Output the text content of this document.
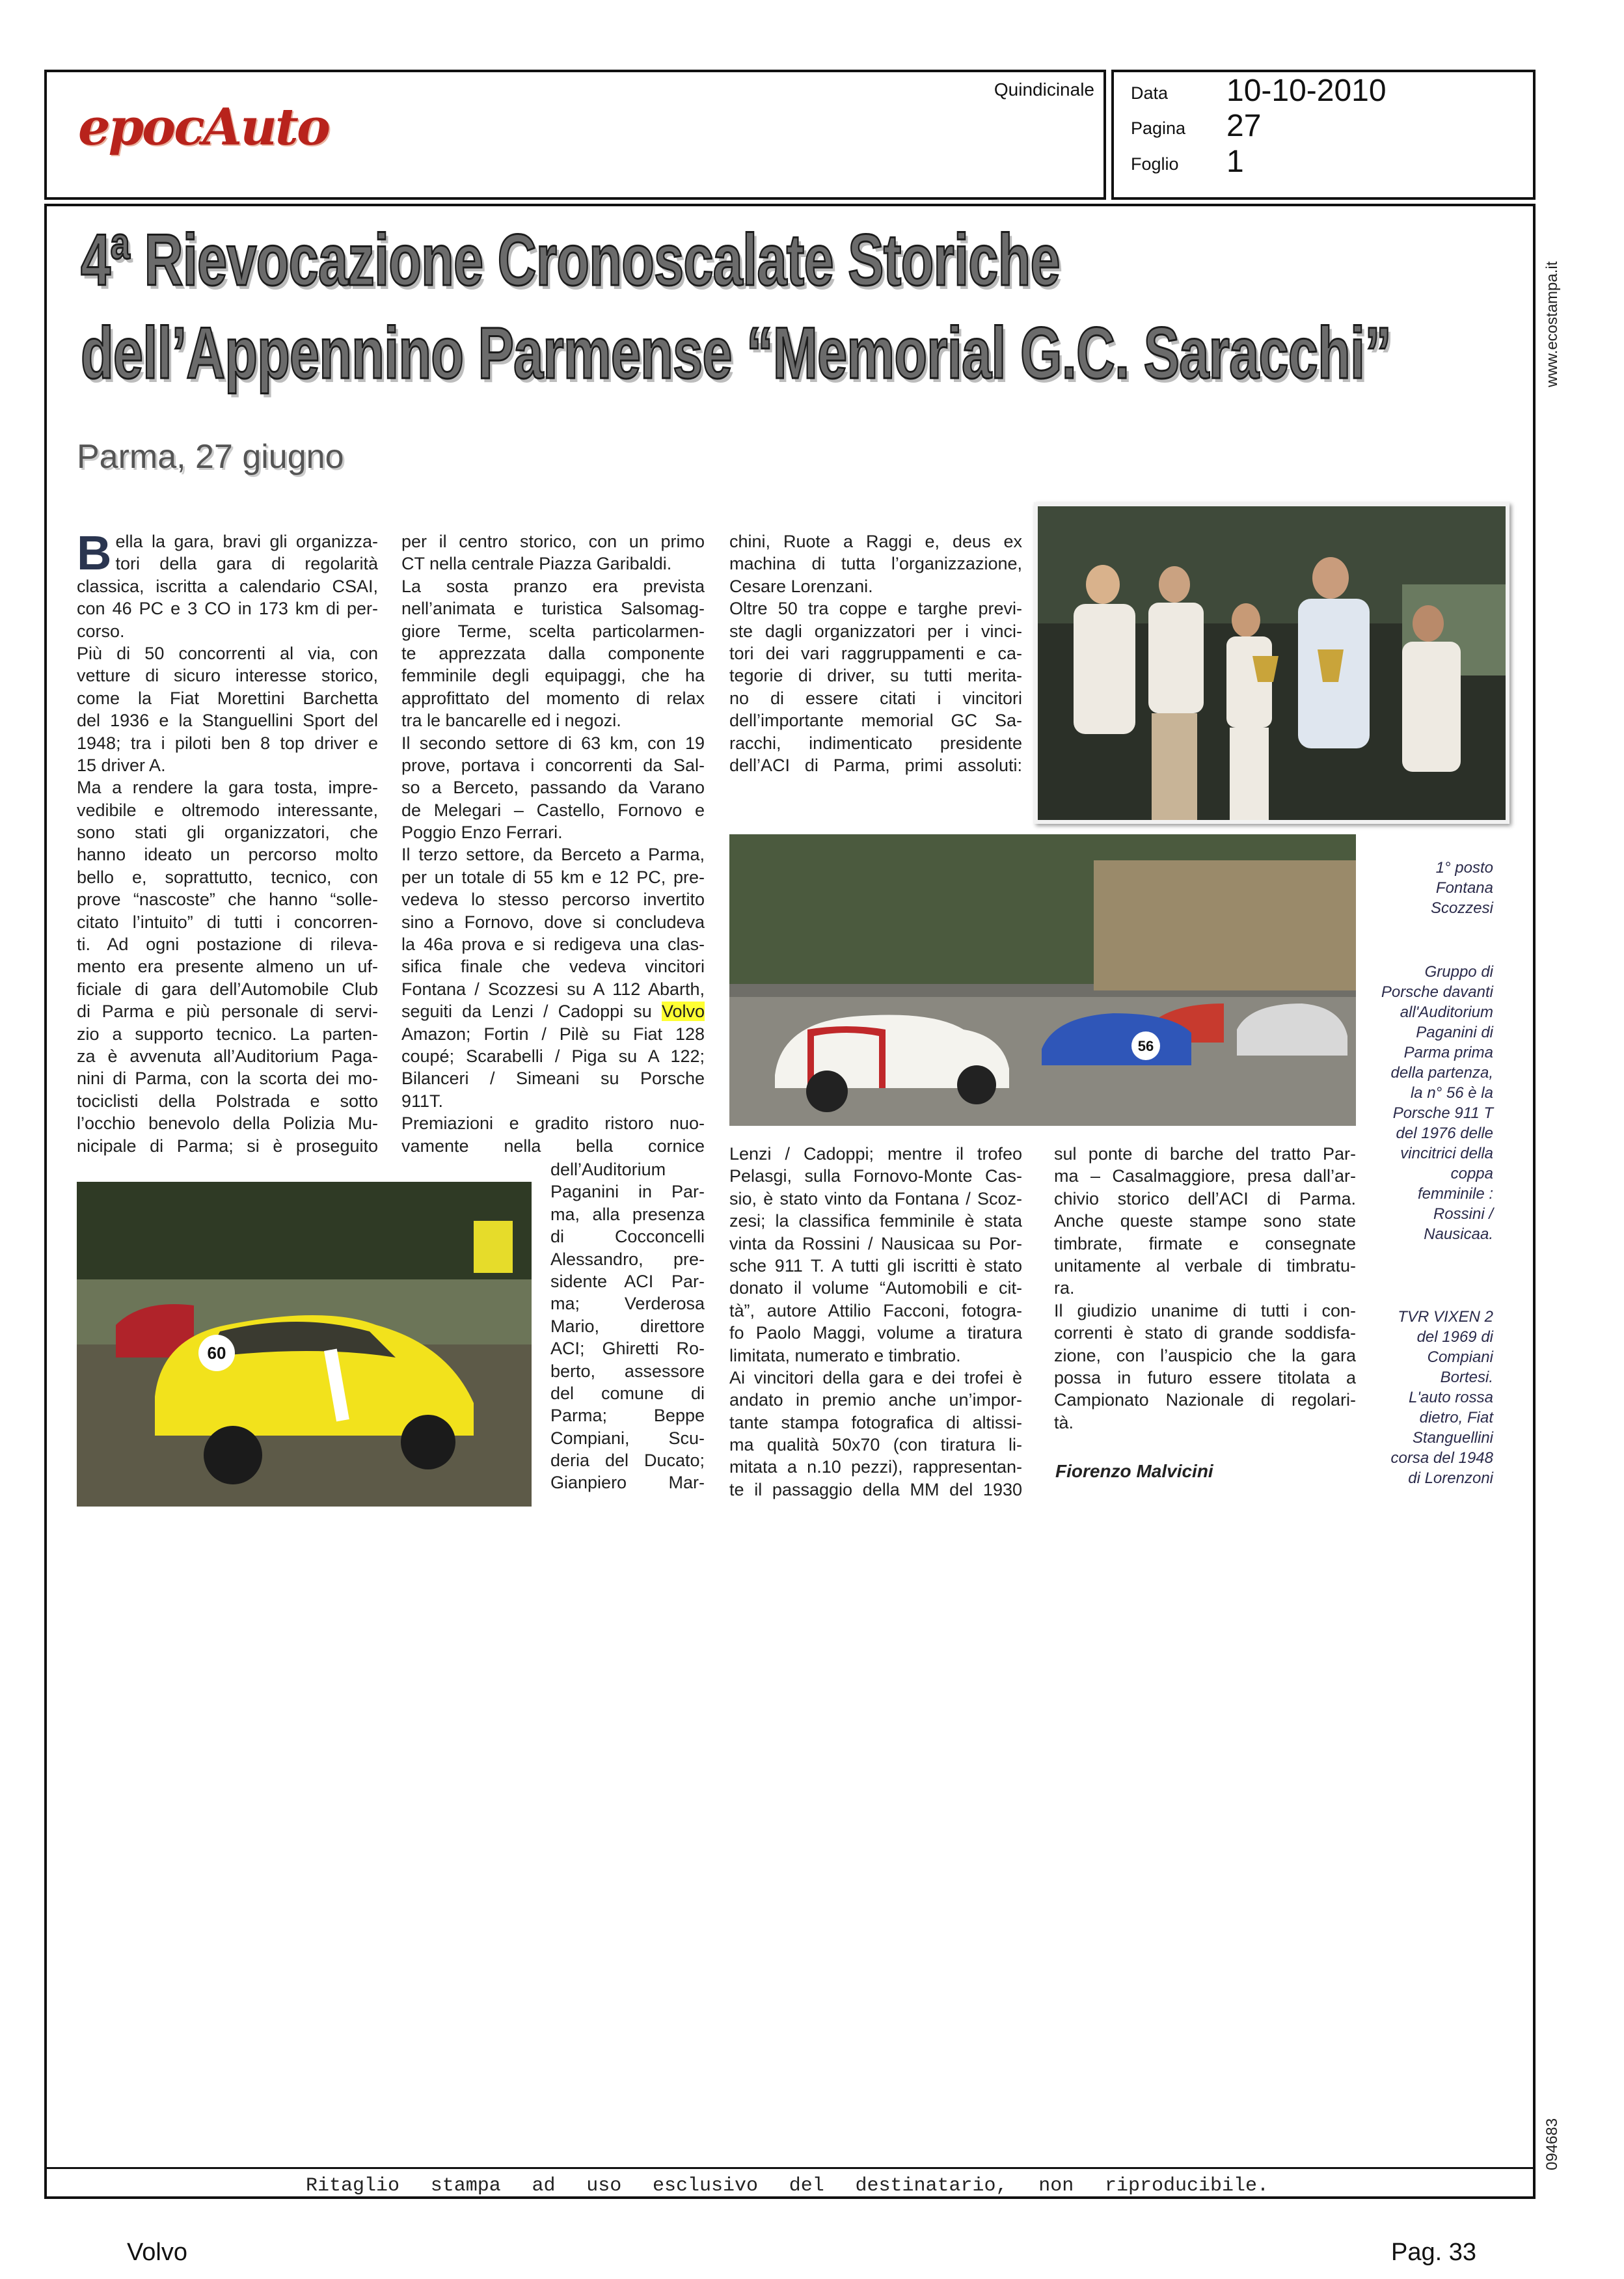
epocAuto
Quindicinale Data 10-10-2010
Pagina 27
Foglio 1
4ª Rievocazione Cronoscalate Storiche
dell’Appennino Parmense “Memorial G.C. Saracchi”
Parma, 27 giugno
B ella la gara, bravi gli organizza-
tori della gara di regolarità
classica, iscritta a calendario CSAI,
con 46 PC e 3 CO in 173 km di per-
corso.
Più di 50 concorrenti al via, con
vetture di sicuro interesse storico,
come la Fiat Morettini Barchetta
del 1936 e la Stanguellini Sport del
1948; tra i piloti ben 8 top driver e
15 driver A.
Ma a rendere la gara tosta, impre-
vedibile e oltremodo interessante,
sono stati gli organizzatori, che
hanno ideato un percorso molto
bello e, soprattutto, tecnico, con
prove “nascoste” che hanno “solle-
citato l’intuito” di tutti i concorren-
ti. Ad ogni postazione di rileva-
mento era presente almeno un uf-
ficiale di gara dell’Automobile Club
di Parma e più personale di servi-
zio a supporto tecnico. La parten-
za è avvenuta all’Auditorium Paga-
nini di Parma, con la scorta dei mo-
tociclisti della Polstrada e sotto
l’occhio benevolo della Polizia Mu-
nicipale di Parma; si è proseguito
per il centro storico, con un primo
CT nella centrale Piazza Garibaldi.
La sosta pranzo era prevista
nell’animata e turistica Salsomag-
giore Terme, scelta particolarmen-
te apprezzata dalla componente
femminile degli equipaggi, che ha
approfittato del momento di relax
tra le bancarelle ed i negozi.
Il secondo settore di 63 km, con 19
prove, portava i concorrenti da Sal-
so a Berceto, passando da Varano
de Melegari – Castello, Fornovo e
Poggio Enzo Ferrari.
Il terzo settore, da Berceto a Parma,
per un totale di 55 km e 12 PC, pre-
vedeva lo stesso percorso invertito
sino a Fornovo, dove si concludeva
la 46a prova e si redigeva una clas-
sifica finale che vedeva vincitori
Fontana / Scozzesi su A 112 Abarth,
seguiti da Lenzi / Cadoppi su Volvo
Amazon; Fortin / Pilè su Fiat 128
coupé; Scarabelli / Piga su A 122;
Bilanceri / Simeani su Porsche
911T.
Premiazioni e gradito ristoro nuo-
vamente nella bella cornice
dell’Auditorium
Paganini in Par-
ma, alla presenza
di Cocconcelli
Alessandro, pre-
sidente ACI Par-
ma; Verderosa
Mario, direttore
ACI; Ghiretti Ro-
berto, assessore
del comune di
Parma; Beppe
Compiani, Scu-
deria del Ducato;
Gianpiero Mar-
chini, Ruote a Raggi e, deus ex
machina di tutta l’organizzazione,
Cesare Lorenzani.
Oltre 50 tra coppe e targhe previ-
ste dagli organizzatori per i vinci-
tori dei vari raggruppamenti e ca-
tegorie di driver, su tutti merita-
no di essere citati i vincitori
dell’importante memorial GC Sa-
racchi, indimenticato presidente
dell’ACI di Parma, primi assoluti:
Lenzi / Cadoppi; mentre il trofeo
Pelasgi, sulla Fornovo-Monte Cas-
sio, è stato vinto da Fontana / Scoz-
zesi; la classifica femminile è stata
vinta da Rossini / Nausicaa su Por-
sche 911 T. A tutti gli iscritti è stato
donato il volume “Automobili e cit-
tà”, autore Attilio Facconi, fotogra-
fo Paolo Maggi, volume a tiratura
limitata, numerato e timbratio.
Ai vincitori della gara e dei trofei è
andato in premio anche un’impor-
tante stampa fotografica di altissi-
ma qualità 50x70 (con tiratura li-
mitata a n.10 pezzi), rappresentan-
te il passaggio della MM del 1930
sul ponte di barche del tratto Par-
ma – Casalmaggiore, presa dall’ar-
chivio storico dell’ACI di Parma.
Anche queste stampe sono state
timbrate, firmate e consegnate
unitamente al verbale di timbratu-
ra.
Il giudizio unanime di tutti i con-
correnti è stato di grande soddisfa-
zione, con l’auspicio che la gara
possa in futuro essere titolata a
Campionato Nazionale di regolari-
tà.
Fiorenzo Malvicini
1° posto
Fontana
Scozzesi
56
Gruppo di
Porsche davanti
all'Auditorium
Paganini di
Parma prima
della partenza,
la n° 56 è la
Porsche 911 T
del 1976 delle
vincitrici della
coppa
femminile :
Rossini /
Nausicaa.
60
TVR VIXEN 2
del 1969 di
Compiani
Bortesi.
L'auto rossa
dietro, Fiat
Stanguellini
corsa del 1948
di Lorenzoni
www.ecostampa.it
094683
Ritaglio stampa ad uso esclusivo del destinatario, non riproducibile.
Volvo	Pag. 33
